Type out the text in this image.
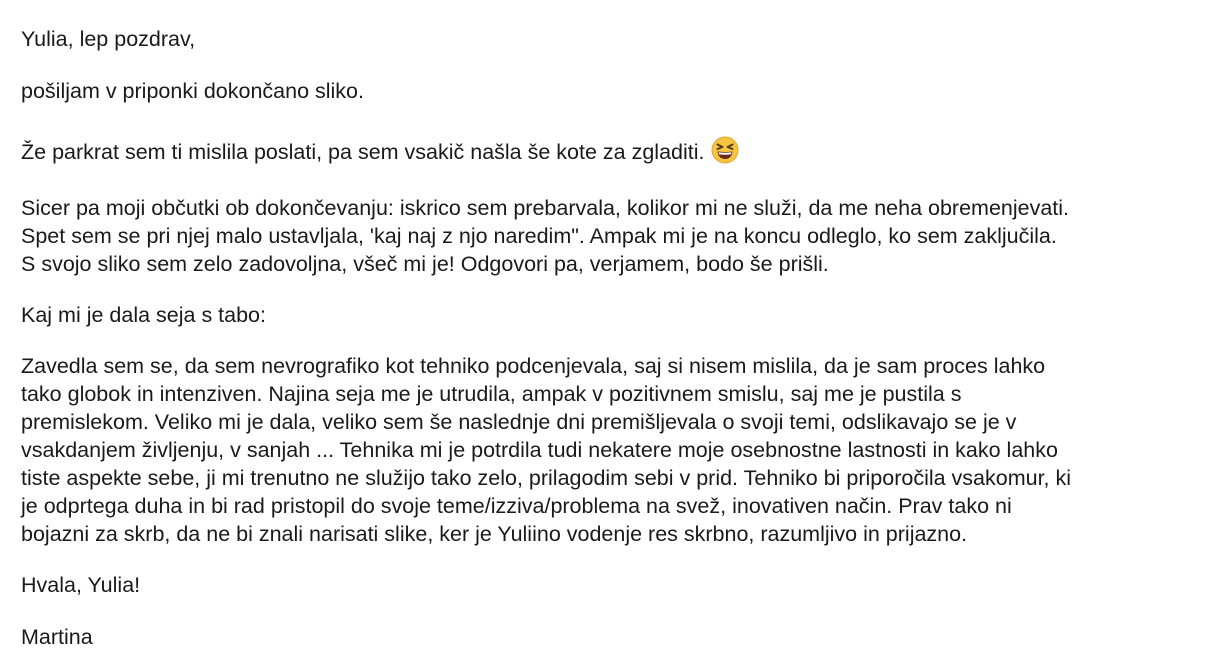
Yulia, lep pozdrav,
pošiljam v priponki dokončano sliko.
Že parkrat sem ti mislila poslati, pa sem vsakič našla še kote za zgladiti.
Sicer pa moji občutki ob dokončevanju: iskrico sem prebarvala, kolikor mi ne služi, da me neha obremenjevati.
Spet sem se pri njej malo ustavljala, 'kaj naj z njo naredim". Ampak mi je na koncu odleglo, ko sem zaključila.
S svojo sliko sem zelo zadovoljna, všeč mi je! Odgovori pa, verjamem, bodo še prišli.
Kaj mi je dala seja s tabo:
Zavedla sem se, da sem nevrografiko kot tehniko podcenjevala, saj si nisem mislila, da je sam proces lahko
tako globok in intenziven. Najina seja me je utrudila, ampak v pozitivnem smislu, saj me je pustila s
premislekom. Veliko mi je dala, veliko sem še naslednje dni premišljevala o svoji temi, odslikavajo se je v
vsakdanjem življenju, v sanjah ... Tehnika mi je potrdila tudi nekatere moje osebnostne lastnosti in kako lahko
tiste aspekte sebe, ji mi trenutno ne služijo tako zelo, prilagodim sebi v prid. Tehniko bi priporočila vsakomur, ki
je odprtega duha in bi rad pristopil do svoje teme/izziva/problema na svež, inovativen način. Prav tako ni
bojazni za skrb, da ne bi znali narisati slike, ker je Yuliino vodenje res skrbno, razumljivo in prijazno.
Hvala, Yulia!
Martina
